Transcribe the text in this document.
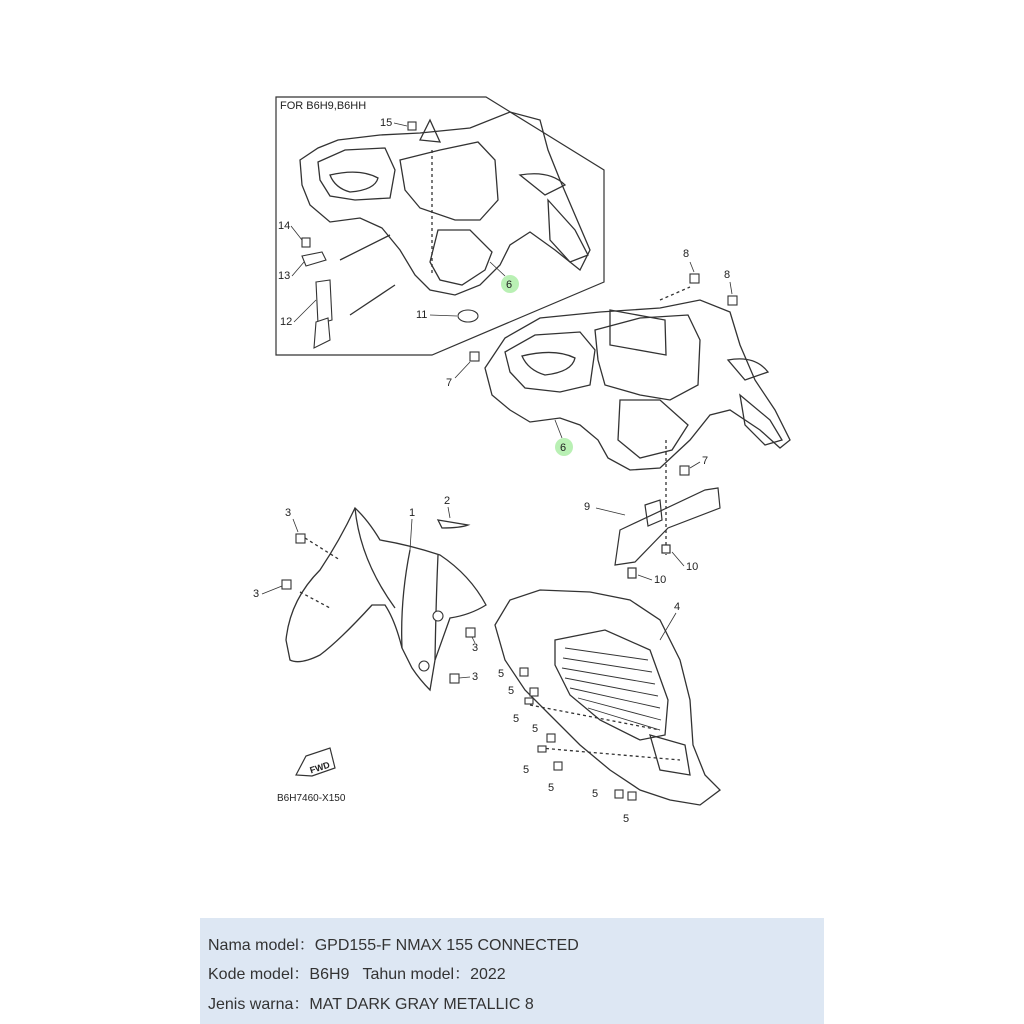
FOR B6H9,B6HH
15
14
13
12
11
6
8
8
7
6
7
9
10
10
3	1
2
3
3
3
4
5
5
5
5
5
5	5
5
FWD
B6H7460-X150
Nama model：GPD155-F NMAX 155 CONNECTED
Kode model：B6H9 Tahun model：2022
Jenis warna：MAT DARK GRAY METALLIC 8
